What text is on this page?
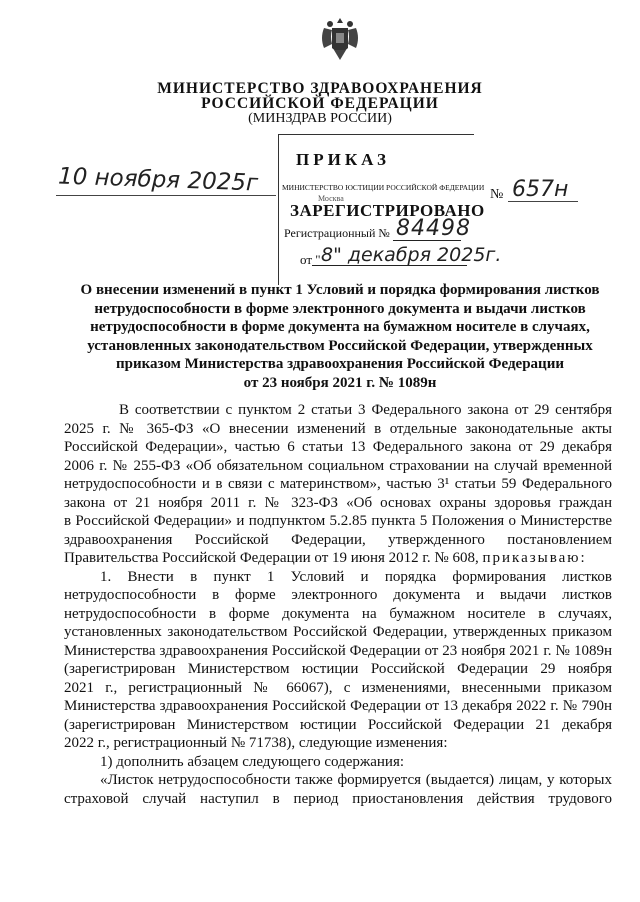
МИНИСТЕРСТВО ЗДРАВООХРАНЕНИЯ
РОССИЙСКОЙ ФЕДЕРАЦИИ
(МИНЗДРАВ РОССИИ)
ПРИКАЗ
МИНИСТЕРСТВО ЮСТИЦИИ РОССИЙСКОЙ ФЕДЕРАЦИИ
Москва
ЗАРЕГИСТРИРОВАНО
Регистрационный № 84498
от " 8" декабря 2025г.
10 ноября 2025г	№ 657н
О внесении изменений в пункт 1 Условий и порядка формирования листков
нетрудоспособности в форме электронного документа и выдачи листков
нетрудоспособности в форме документа на бумажном носителе в случаях,
установленных законодательством Российской Федерации, утвержденных
приказом Министерства здравоохранения Российской Федерации
от 23 ноября 2021 г. № 1089н
В соответствии с пунктом 2 статьи 3 Федерального закона от 29 сентября
2025 г. № 365-ФЗ «О внесении изменений в отдельные законодательные акты
Российской Федерации», частью 6 статьи 13 Федерального закона от 29 декабря
2006 г. № 255-ФЗ «Об обязательном социальном страховании на случай временной
нетрудоспособности и в связи с материнством», частью 3¹ статьи 59 Федерального
закона от 21 ноября 2011 г. № 323-ФЗ «Об основах охраны здоровья граждан
в Российской Федерации» и подпунктом 5.2.85 пункта 5 Положения о Министерстве
здравоохранения Российской Федерации, утвержденного постановлением
Правительства Российской Федерации от 19 июня 2012 г. № 608, приказываю:
1. Внести в пункт 1 Условий и порядка формирования листков
нетрудоспособности в форме электронного документа и выдачи листков
нетрудоспособности в форме документа на бумажном носителе в случаях,
установленных законодательством Российской Федерации, утвержденных приказом
Министерства здравоохранения Российской Федерации от 23 ноября 2021 г. № 1089н
(зарегистрирован Министерством юстиции Российской Федерации 29 ноября
2021 г., регистрационный № 66067), с изменениями, внесенными приказом
Министерства здравоохранения Российской Федерации от 13 декабря 2022 г. № 790н
(зарегистрирован Министерством юстиции Российской Федерации 21 декабря
2022 г., регистрационный № 71738), следующие изменения:
1) дополнить абзацем следующего содержания:
«Листок нетрудоспособности также формируется (выдается) лицам, у которых
страховой случай наступил в период приостановления действия трудового
